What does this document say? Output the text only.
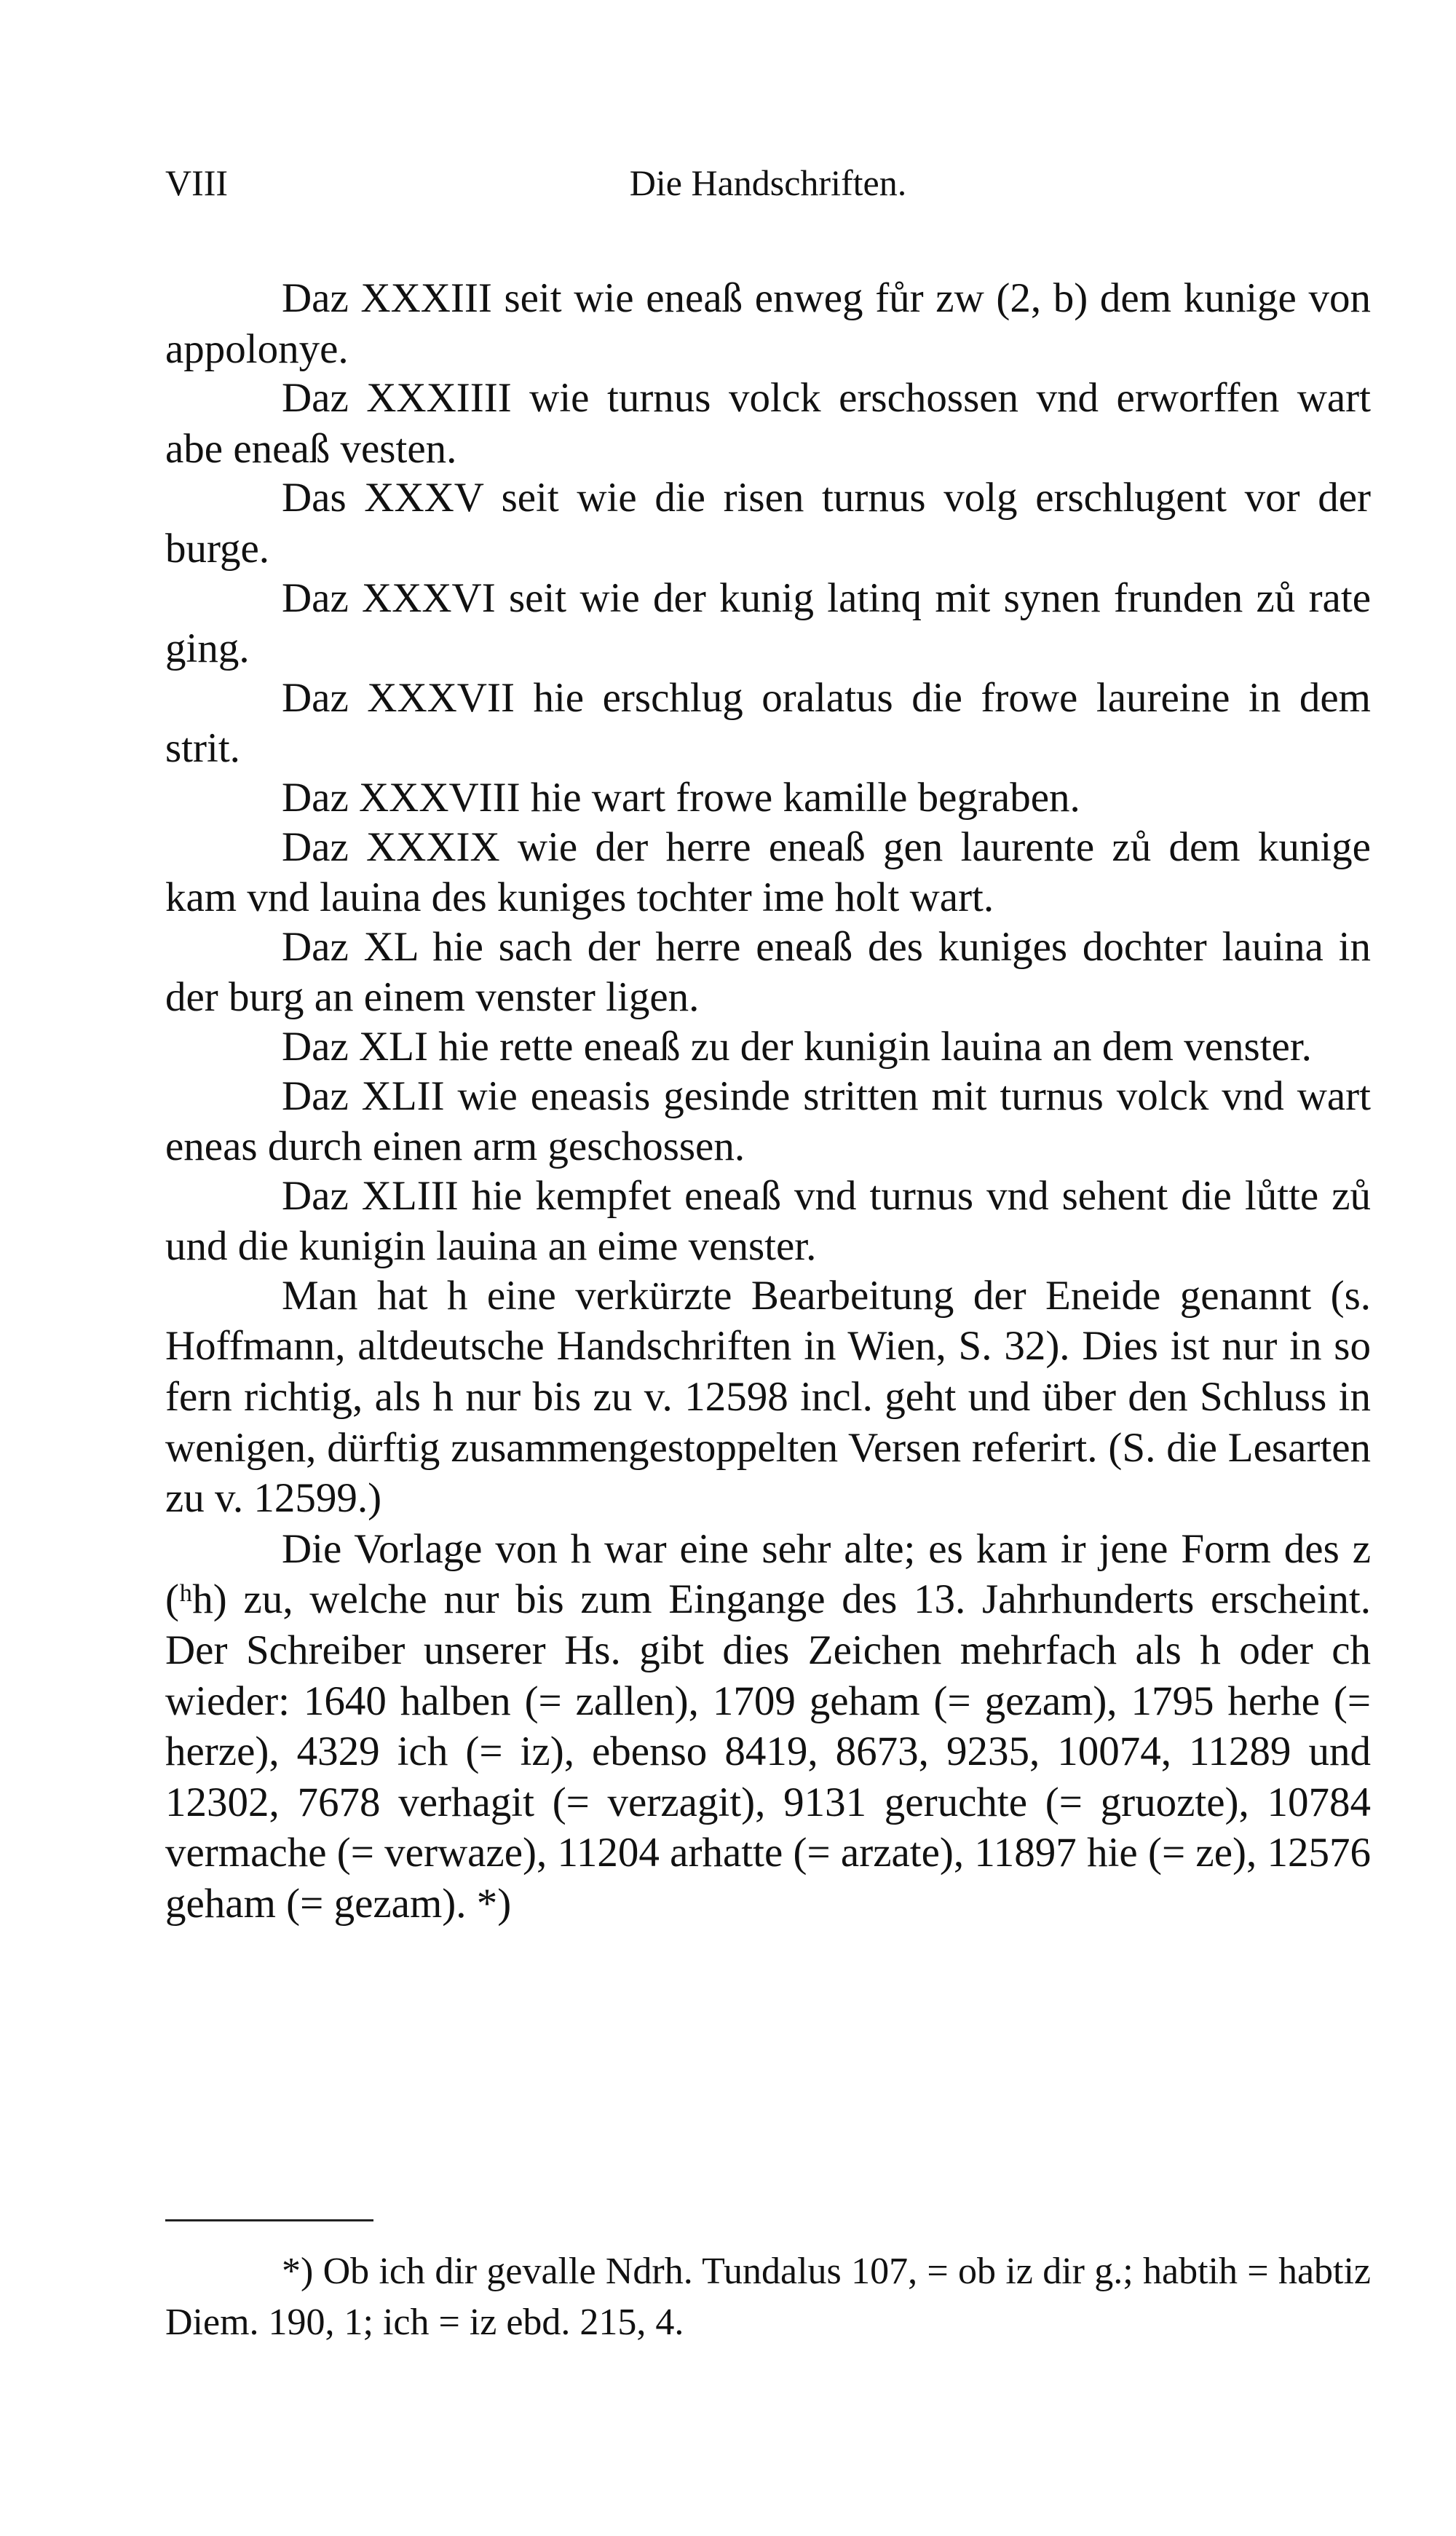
VIII	Die Handschriften.

Daz XXXIII seit wie eneaß enweg fůr zw (2, b) dem kunige von appolonye.

Daz XXXIIII wie turnus volck erschossen vnd erworffen wart abe eneaß vesten.

Das XXXV seit wie die risen turnus volg erschlugent vor der burge.

Daz XXXVI seit wie der kunig latinq mit synen frunden zů rate ging.

Daz XXXVII hie erschlug oralatus die frowe laureine in dem strit.

Daz XXXVIII hie wart frowe kamille begraben.

Daz XXXIX wie der herre eneaß gen laurente zů dem kunige kam vnd lauina des kuniges tochter ime holt wart.

Daz XL hie sach der herre eneaß des kuniges dochter lauina in der burg an einem venster ligen.

Daz XLI hie rette eneaß zu der kunigin lauina an dem venster.

Daz XLII wie eneasis gesinde stritten mit turnus volck vnd wart eneas durch einen arm geschossen.

Daz XLIII hie kempfet eneaß vnd turnus vnd sehent die lůtte zů und die kunigin lauina an eime venster.

Man hat h eine verkürzte Bearbeitung der Eneide genannt (s. Hoffmann, altdeutsche Handschriften in Wien, S. 32). Dies ist nur in so fern richtig, als h nur bis zu v. 12598 incl. geht und über den Schluss in wenigen, dürftig zusammengestoppelten Versen referirt. (S. die Lesarten zu v. 12599.)

Die Vorlage von h war eine sehr alte; es kam ir jene Form des z (ʰh) zu, welche nur bis zum Eingange des 13. Jahrhunderts erscheint. Der Schreiber unserer Hs. gibt dies Zeichen mehrfach als h oder ch wieder: 1640 halben (= zallen), 1709 geham (= gezam), 1795 herhe (= herze), 4329 ich (= iz), ebenso 8419, 8673, 9235, 10074, 11289 und 12302, 7678 verhagit (= verzagit), 9131 geruchte (= gruozte), 10784 vermache (= verwaze), 11204 arhatte (= arzate), 11897 hie (= ze), 12576 geham (= gezam). *)

*) Ob ich dir gevalle Ndrh. Tundalus 107, = ob iz dir g.; habtih = habtiz Diem. 190, 1; ich = iz ebd. 215, 4.
